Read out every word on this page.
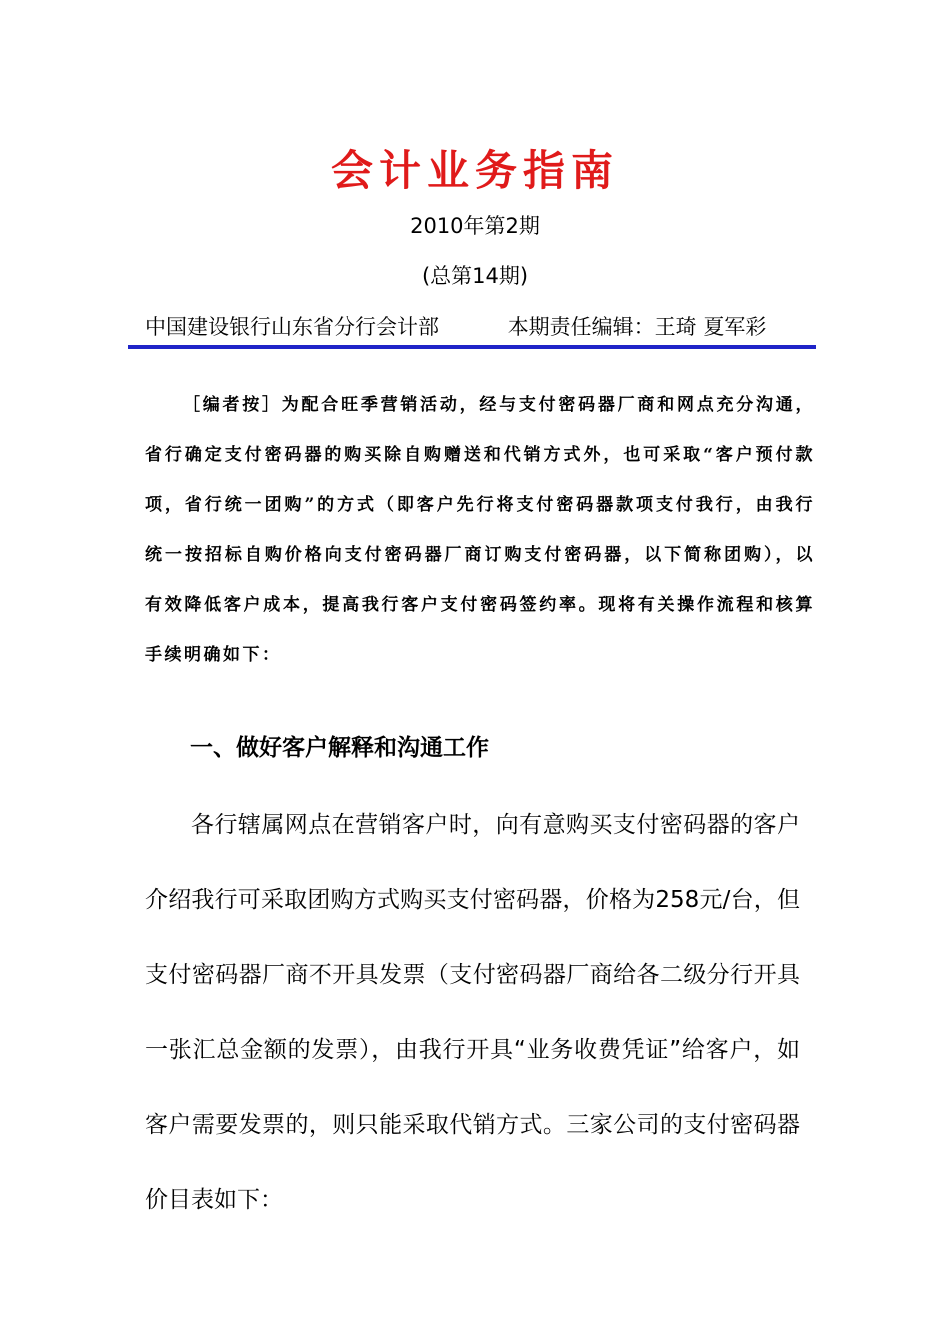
会计业务指南

2010年第2期

(总第14期)

中国建设银行山东省分行会计部	本期责任编辑：王琦 夏军彩

［编者按］为配合旺季营销活动，经与支付密码器厂商和网点充分沟通，省行确定支付密码器的购买除自购赠送和代销方式外，也可采取“客户预付款项，省行统一团购”的方式（即客户先行将支付密码器款项支付我行，由我行统一按招标自购价格向支付密码器厂商订购支付密码器，以下简称团购），以有效降低客户成本，提高我行客户支付密码签约率。现将有关操作流程和核算手续明确如下：

一、做好客户解释和沟通工作

各行辖属网点在营销客户时，向有意购买支付密码器的客户介绍我行可采取团购方式购买支付密码器，价格为258元/台，但支付密码器厂商不开具发票（支付密码器厂商给各二级分行开具一张汇总金额的发票），由我行开具“业务收费凭证”给客户，如客户需要发票的，则只能采取代销方式。三家公司的支付密码器价目表如下：
